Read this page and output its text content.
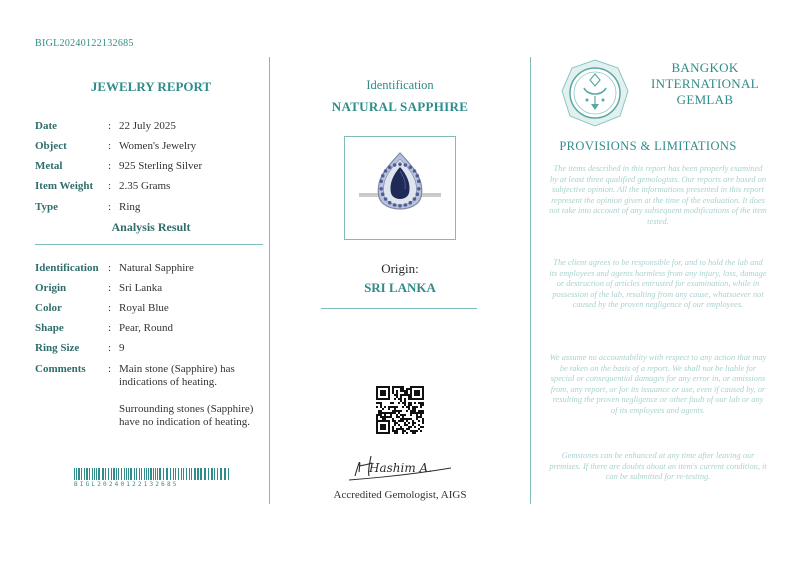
BIGL20240122132685
JEWELRY REPORT
Date	: 22 July 2025
Object	: Women's Jewelry
Metal	: 925 Sterling Silver
Item Weight	: 2.35 Grams
Type	: Ring
Analysis Result
Identification : Natural Sapphire
Origin	: Sri Lanka
Color	: Royal Blue
Shape	: Pear, Round
Ring Size	: 9
Comments	: Main stone (Sapphire) has indications of heating.
Surrounding stones (Sapphire) have no indication of heating.
BIGL20240122132685
Identification
NATURAL SAPPHIRE
Origin:
SRI LANKA
Hashim A.
Accredited Gemologist, AIGS
BANGKOK
INTERNATIONAL
GEMLAB
PROVISIONS & LIMITATIONS
The items described in this report has been properly examined by at least three qualified gemologists. Our reports are based on subjective opinion. All the informations presented in this report represent the opinion given at the time of the evaluation. It does not take into account of any subsequent modifications of the item tested.
The client agrees to be responsible for, and to hold the lab and its employees and agents harmless from any injury, loss, damage or destruction of articles entrusted for examination, while in possession of the lab, resulting from any cause, whatsoever not caused by the proven negligence of our employees.
We assume no accountability with respect to any action that may be taken on the basis of a report. We shall not be liable for special or consequential damages for any error in, or omissions from, any report, or for its issuance or use, even if caused by, or resulting the proven negligence or other fault of our lab or any of its employees and agents.
Gemstones can be enhanced at any time after leaving our premises. If there are doubts about an item's current condition, it can be submitted for re-testing.
